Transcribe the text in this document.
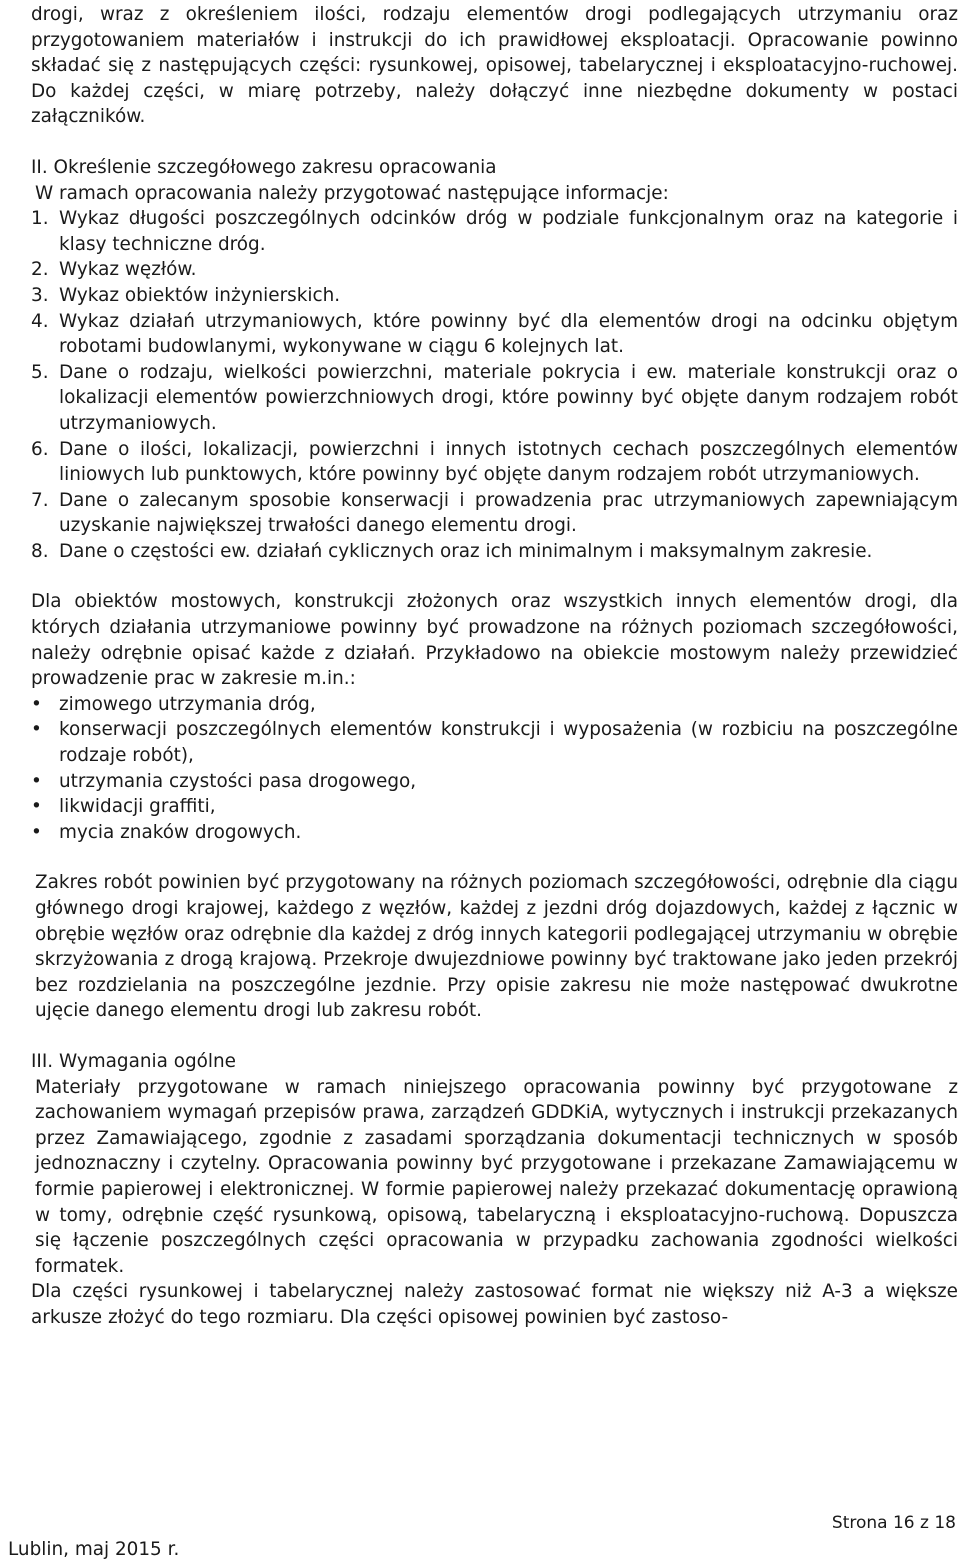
drogi, wraz z określeniem ilości, rodzaju elementów drogi podlegających utrzymaniu oraz przygotowaniem materiałów i instrukcji do ich prawidłowej eksploatacji. Opracowanie powinno składać się z następujących części: rysunkowej, opisowej, tabelarycznej i eksploatacyjno-ruchowej. Do każdej części, w miarę potrzeby, należy dołączyć inne niezbędne dokumenty w postaci załączników.

II. Określenie szczegółowego zakresu opracowania

W ramach opracowania należy przygotować następujące informacje:

1. Wykaz długości poszczególnych odcinków dróg w podziale funkcjonalnym oraz na kategorie i klasy techniczne dróg.
2. Wykaz węzłów.
3. Wykaz obiektów inżynierskich.
4. Wykaz działań utrzymaniowych, które powinny być dla elementów drogi na odcinku objętym robotami budowlanymi, wykonywane w ciągu 6 kolejnych lat.
5. Dane o rodzaju, wielkości powierzchni, materiale pokrycia i ew. materiale konstrukcji oraz o lokalizacji elementów powierzchniowych drogi, które powinny być objęte danym rodzajem robót utrzymaniowych.
6. Dane o ilości, lokalizacji, powierzchni i innych istotnych cechach poszczególnych elementów liniowych lub punktowych, które powinny być objęte danym rodzajem robót utrzymaniowych.
7. Dane o zalecanym sposobie konserwacji i prowadzenia prac utrzymaniowych zapewniającym uzyskanie największej trwałości danego elementu drogi.
8. Dane o częstości ew. działań cyklicznych oraz ich minimalnym i maksymalnym zakresie.

Dla obiektów mostowych, konstrukcji złożonych oraz wszystkich innych elementów drogi, dla których działania utrzymaniowe powinny być prowadzone na różnych poziomach szczegółowości, należy odrębnie opisać każde z działań. Przykładowo na obiekcie mostowym należy przewidzieć prowadzenie prac w zakresie m.in.:

• zimowego utrzymania dróg,
• konserwacji poszczególnych elementów konstrukcji i wyposażenia (w rozbiciu na poszczególne rodzaje robót),
• utrzymania czystości pasa drogowego,
• likwidacji graffiti,
• mycia znaków drogowych.

Zakres robót powinien być przygotowany na różnych poziomach szczegółowości, odrębnie dla ciągu głównego drogi krajowej, każdego z węzłów, każdej z jezdni dróg dojazdowych, każdej z łącznic w obrębie węzłów oraz odrębnie dla każdej z dróg innych kategorii podlegającej utrzymaniu w obrębie skrzyżowania z drogą krajową. Przekroje dwujezdniowe powinny być traktowane jako jeden przekrój bez rozdzielania na poszczególne jezdnie. Przy opisie zakresu nie może następować dwukrotne ujęcie danego elementu drogi lub zakresu robót.

III. Wymagania ogólne

Materiały przygotowane w ramach niniejszego opracowania powinny być przygotowane z zachowaniem wymagań przepisów prawa, zarządzeń GDDKiA, wytycznych i instrukcji przekazanych przez Zamawiającego, zgodnie z zasadami sporządzania dokumentacji technicznych w sposób jednoznaczny i czytelny. Opracowania powinny być przygotowane i przekazane Zamawiającemu w formie papierowej i elektronicznej. W formie papierowej należy przekazać dokumentację oprawioną w tomy, odrębnie część rysunkową, opisową, tabelaryczną i eksploatacyjno-ruchową. Dopuszcza się łączenie poszczególnych części opracowania w przypadku zachowania zgodności wielkości formatek.

Dla części rysunkowej i tabelarycznej należy zastosować format nie większy niż A-3 a większe arkusze złożyć do tego rozmiaru. Dla części opisowej powinien być zastoso-

Strona 16 z 18
Lublin, maj 2015 r.
